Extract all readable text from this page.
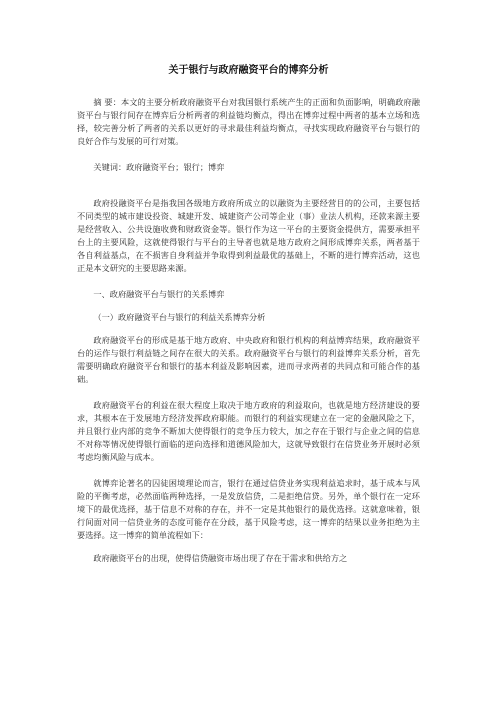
关于银行与政府融资平台的博弈分析

摘 要：本文的主要分析政府融资平台对我国银行系统产生的正面和负面影响，明确政府融资平台与银行间存在博弈后分析两者的利益链均衡点，得出在博弈过程中两者的基本立场和选择，较完善分析了两者的关系以更好的寻求最佳利益均衡点，寻找实现政府融资平台与银行的良好合作与发展的可行对策。

关键词：政府融资平台；银行；博弈

政府投融资平台是指我国各级地方政府所成立的以融资为主要经营目的的公司，主要包括不同类型的城市建设投资、城建开发、城建资产公司等企业（事）业法人机构，还款来源主要是经营收入、公共设施收费和财政资金等。银行作为这一平台的主要资金提供方，需要承担平台上的主要风险，这就使得银行与平台的主导者也就是地方政府之间形成博弈关系，两者基于各自利益基点，在不损害自身利益并争取得到利益最优的基础上，不断的进行博弈活动，这也正是本文研究的主要思路来源。

一、政府融资平台与银行的关系博弈

（一）政府融资平台与银行的利益关系博弈分析

政府融资平台的形成是基于地方政府、中央政府和银行机构的利益博弈结果，政府融资平台的运作与银行利益链之间存在很大的关系。政府融资平台与银行的利益博弈关系分析，首先需要明确政府融资平台和银行的基本利益及影响因素，进而寻求两者的共同点和可能合作的基础。

政府融资平台的利益在很大程度上取决于地方政府的利益取向，也就是地方经济建设的要求，其根本在于发展地方经济发挥政府职能。而银行的利益实现建立在一定的金融风险之下，并且银行业内部的竞争不断加大使得银行的竞争压力较大，加之存在于银行与企业之间的信息不对称等情况使得银行面临的逆向选择和道德风险加大，这就导致银行在信贷业务开展时必须考虑均衡风险与成本。

就博弈论著名的囚徒困境理论而言，银行在通过信贷业务实现利益追求时，基于成本与风险的平衡考虑，必然面临两种选择，一是发放信贷，二是拒绝信贷。另外，单个银行在一定环境下的最优选择，基于信息不对称的存在，并不一定是其他银行的最优选择。这就意味着，银行间面对同一信贷业务的态度可能存在分歧，基于风险考虑，这一博弈的结果以业务拒绝为主要选择。这一博弈的简单流程如下：

政府融资平台的出现，使得信贷融资市场出现了存在于需求和供给方之
